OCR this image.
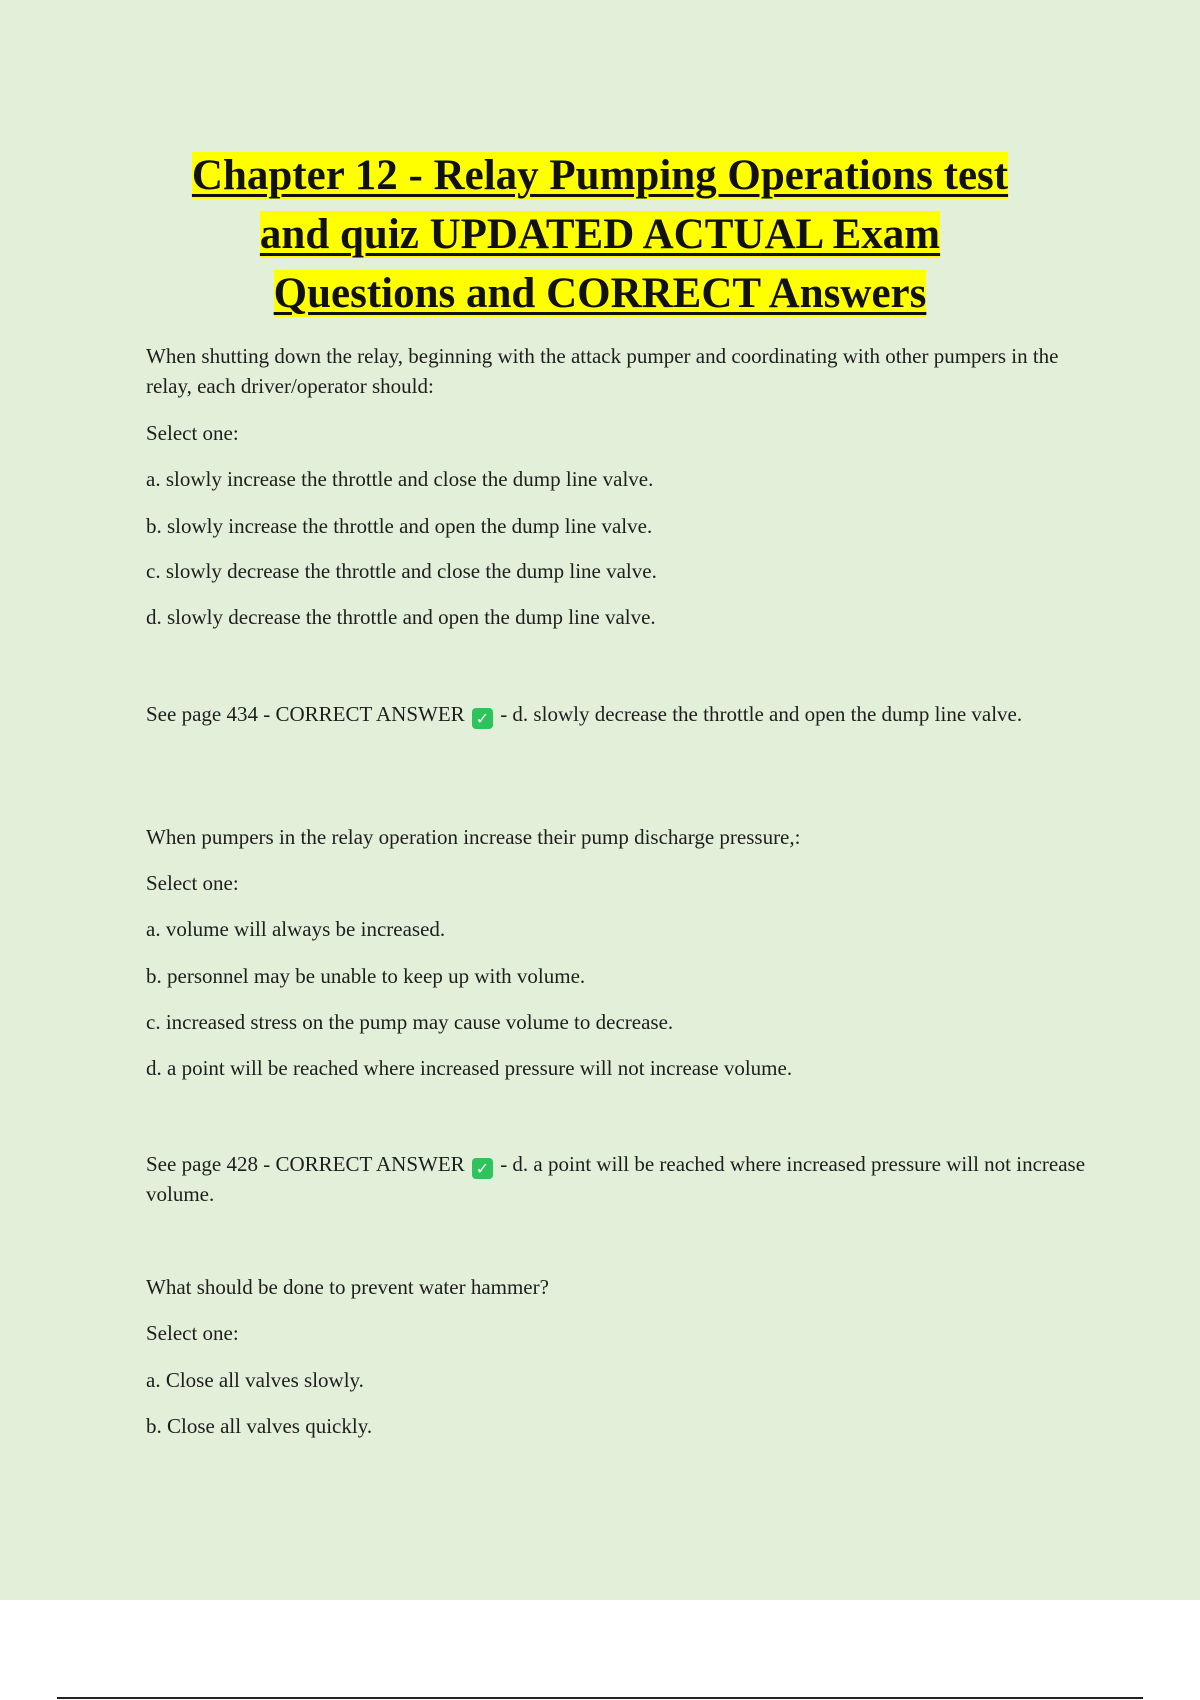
Chapter 12 - Relay Pumping Operations test
and quiz UPDATED ACTUAL Exam
Questions and CORRECT Answers

When shutting down the relay, beginning with the attack pumper and coordinating with other pumpers in the relay, each driver/operator should:

Select one:

a. slowly increase the throttle and close the dump line valve.

b. slowly increase the throttle and open the dump line valve.

c. slowly decrease the throttle and close the dump line valve.

d. slowly decrease the throttle and open the dump line valve.

See page 434 - CORRECT ANSWER ✓ - d. slowly decrease the throttle and open the dump line valve.

When pumpers in the relay operation increase their pump discharge pressure,:

Select one:

a. volume will always be increased.

b. personnel may be unable to keep up with volume.

c. increased stress on the pump may cause volume to decrease.

d. a point will be reached where increased pressure will not increase volume.

See page 428 - CORRECT ANSWER ✓ - d. a point will be reached where increased pressure will not increase volume.

What should be done to prevent water hammer?

Select one:

a. Close all valves slowly.

b. Close all valves quickly.
